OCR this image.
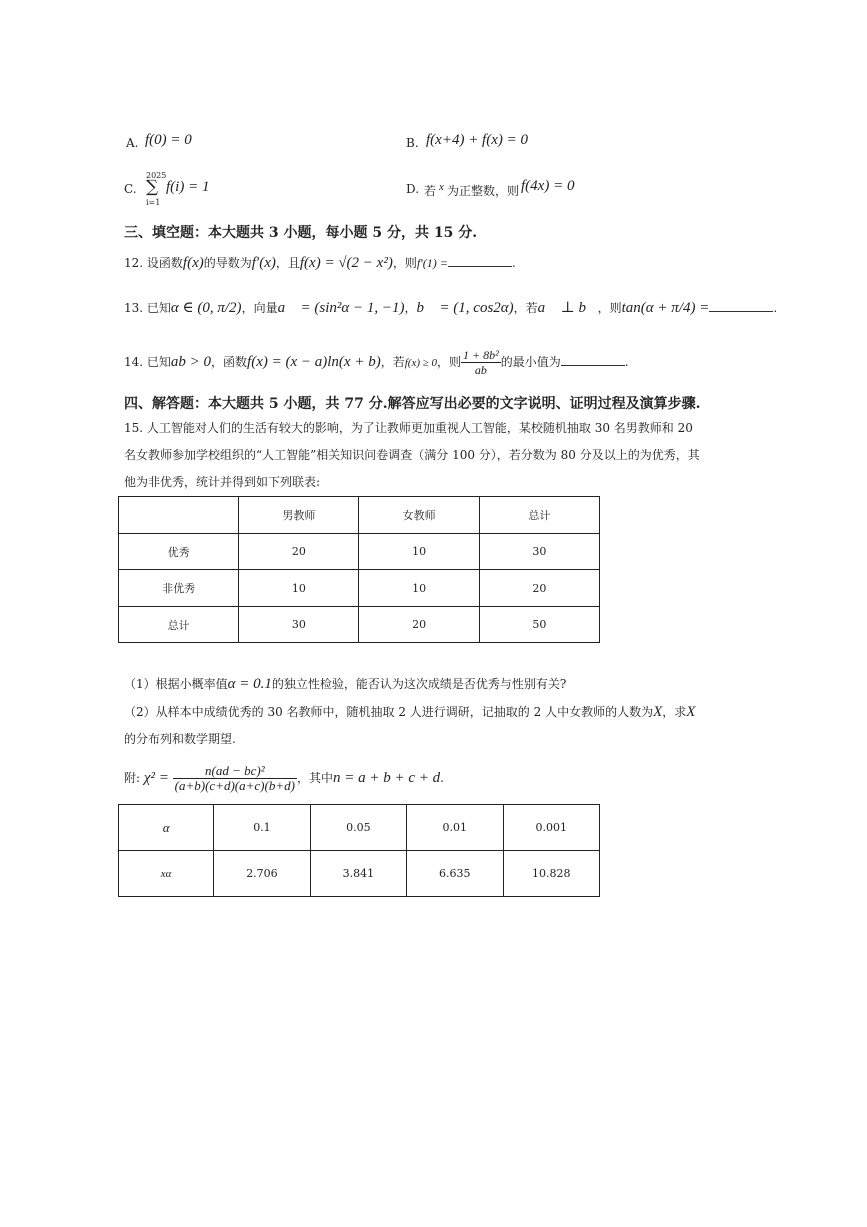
A. f(0) = 0	B. f(x+4) + f(x) = 0
C.
2025
∑
i=1
f(i) = 1	D. 若 x 为正整数，则 f(4x) = 0
三、填空题：本大题共 3 小题，每小题 5 分，共 15 分.
12. 设函数f(x)的导数为f′(x)，且f(x) = √(2 − x²)，则f′(1) =	.
13. 已知α ∈ (0, π/2)，向量a⃗ = (sin²α − 1, −1)，b⃗ = (1, cos2α)，若a⃗ ⊥ b⃗，则tan(α + π/4) =	.
14. 已知ab > 0，函数f(x) = (x − a)ln(x + b)，若f(x) ≥ 0，则 $\frac{\text{1 + 8b²}}{ab}$ 的最小值为	.
四、解答题：本大题共 5 小题，共 77 分.解答应写出必要的文字说明、证明过程及演算步骤.
15. 人工智能对人们的生活有较大的影响，为了让教师更加重视人工智能，某校随机抽取 30 名男教师和 20
名女教师参加学校组织的“人工智能”相关知识问卷调查（满分 100 分），若分数为 80 分及以上的为优秀，其
他为非优秀，统计并得到如下列联表:
	男教师	女教师	总计
优秀	20	10	30
非优秀	10	10	20
总计	30	20	50
（1）根据小概率值α = 0.1的独立性检验，能否认为这次成绩是否优秀与性别有关?
（2）从样本中成绩优秀的 30 名教师中，随机抽取 2 人进行调研，记抽取的 2 人中女教师的人数为X，求X
的分布列和数学期望.
附: $\chi^2 = \frac{\text{n(ad − bc)²}}{(a+b)(c+d)(a+c)(b+d)}$ ，其中n = a + b + c + d.
α	0.1	0.05	0.01	0.001
xα	2.706	3.841	6.635	10.828
